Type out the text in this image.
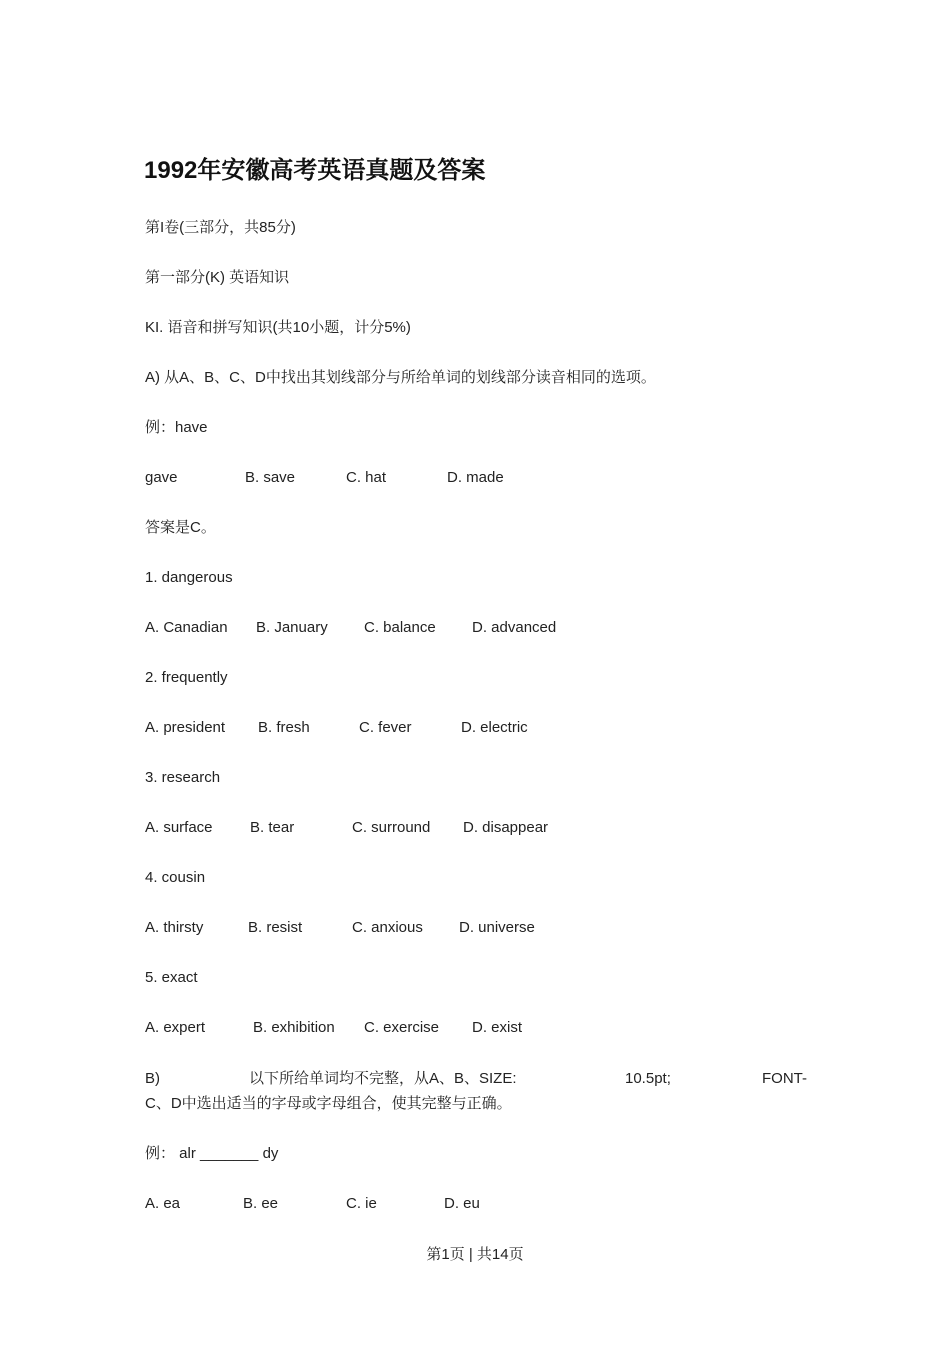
1992年安徽高考英语真题及答案
第I卷(三部分，共85分)
第一部分(K) 英语知识
KI. 语音和拼写知识(共10小题，计分5%)
A) 从A、B、C、D中找出其划线部分与所给单词的划线部分读音相同的选项。
例：have
gave	B. save	C. hat	D. made
答案是C。
1. dangerous
A. Canadian B. January C. balance D. advanced
2. frequently
A. president B. fresh	C. fever	D. electric
3. research
A. surface B. tear	C. surround D. disappear
4. cousin
A. thirsty	B. resist	C. anxious D. universe
5. exact
A. expert	B. exhibition C. exercise D. exist
B)	以下所给单词均不完整，从A、B、SIZE:	10.5pt;	FONT-
C、D中选出适当的字母或字母组合，使其完整与正确。
例： alr _______ dy
A. ea	B. ee	C. ie	D. eu
第1页 | 共14页
